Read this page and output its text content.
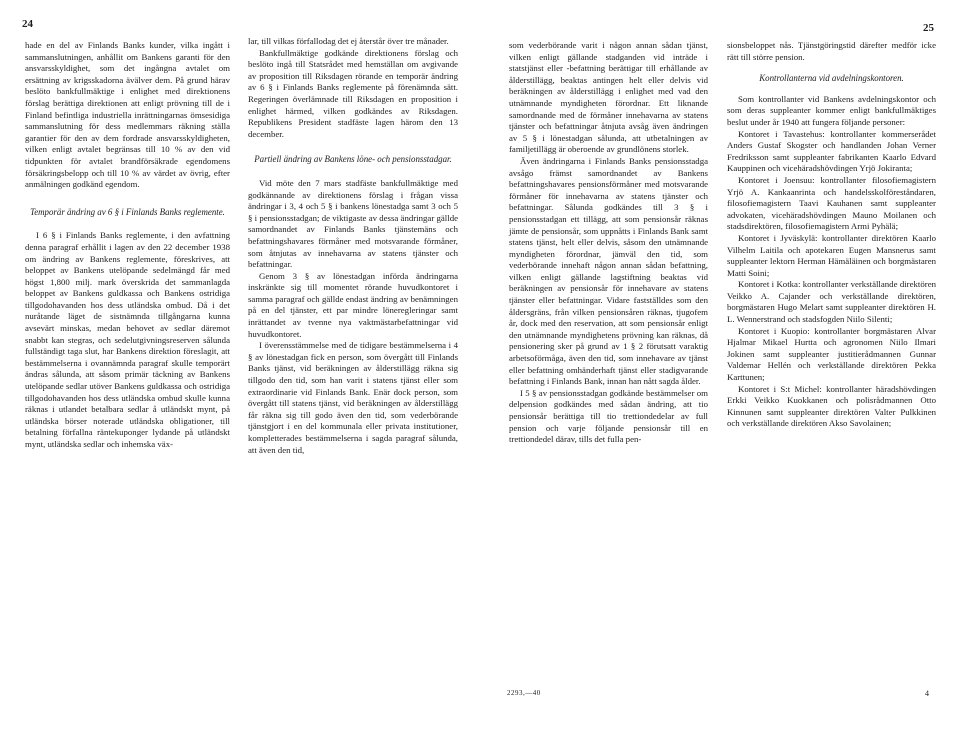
24	25

hade en del av Finlands Banks kunder, vilka ingått i sammanslutningen, anhållit om Bankens garanti för den ansvarsskyldighet, som det ingångna avtalet om ersättning av krigsskadorna ävälver dem. På grund härav beslöto bankfullmäktige i enlighet med direktionens förslag berättiga direktionen att enligt prövning till de i Finland befintliga industriella inrättningarnas ömsesidiga sammanslutning för dess medlemmars räkning ställa garantier för den av dem fordrade ansvarsskyldigheten, vilken enligt avtalet begränsas till 10 % av den vid tidpunkten för avtalet brandförsäkrade egendomens försäkringsbelopp och till 10 % av värdet av övrig, efter anmälningen godkänd egendom.

Temporär ändring av 6 § i Finlands Banks reglemente.

I 6 § i Finlands Banks reglemente, i den avfattning denna paragraf erhållit i lagen av den 22 december 1938 om ändring av Bankens reglemente, föreskrives, att beloppet av Bankens utelöpande sedelmängd får med högst 1,800 milj. mark överskrida det sammanlagda beloppet av Bankens guldkassa och Bankens ostridiga tillgodohavanden hos dess utländska ombud. Då i det nuråtande läget de sistnämnda tillgångarna kunna avsevärt minskas, medan behovet av sedlar däremot snabbt kan stegras, och sedelutgivningsreserven sålunda fullständigt taga slut, har Bankens direktion föreslagit, att bestämmelserna i ovannämnda paragraf skulle temporärt ändras sålunda, att såsom primär täckning av Bankens utelöpande sedlar utöver Bankens guldkassa och ostridiga tillgodohavanden hos dess utländska ombud skulle kunna räknas i utlandet betalbara sedlar å utländskt mynt, på utländska börser noterade utländska obligationer, till betalning förfallna räntekuponger lydande på utländskt mynt, utländska sedlar och inhemska väx-

lar, till vilkas förfallodag det ej återstår över tre månader.

Bankfullmäktige godkände direktionens förslag och beslöto ingå till Statsrådet med hemställan om avgivande av proposition till Riksdagen rörande en temporär ändring av 6 § i Finlands Banks reglemente på förenämnda sätt. Regeringen överlämnade till Riksdagen en proposition i enlighet härmed, vilken godkändes av Riksdagen. Republikens President stadfäste lagen härom den 13 december.

Partiell ändring av Bankens löne- och pensionsstadgar.

Vid möte den 7 mars stadfäste bankfullmäktige med godkännande av direktionens förslag i frågan vissa ändringar i 3, 4 och 5 § i bankens lönestadga samt 3 och 5 § i pensionsstadgan; de viktigaste av dessa ändringar gällde samordnandet av Finlands Banks tjänstemäns och befattningshavares förmåner med motsvarande förmåner, som åtnjutas av innehavarna av statens tjänster och befattningar.

Genom 3 § av lönestadgan införda ändringarna inskränkte sig till momentet rörande huvudkontoret i samma paragraf och gällde endast ändring av benämningen på en del tjänster, ett par mindre löneregleringar samt inrättandet av tvenne nya vaktmästarbefattningar vid huvudkontoret.

I överensstämmelse med de tidigare bestämmelserna i 4 § av lönestadgan fick en person, som övergått till Finlands Banks tjänst, vid beräkningen av ålderstillägg räkna sig tillgodo den tid, som han varit i statens tjänst eller som extraordinarie vid Finlands Bank. Enär dock person, som övergått till statens tjänst, vid beräkningen av ålderstillägg får räkna sig till godo även den tid, som vederbörande tjänstgjort i en del kommunala eller privata institutioner, kompletterades bestämmelserna i sagda paragraf sålunda, att även den tid,

som vederbörande varit i någon annan sådan tjänst, vilken enligt gällande stadganden vid inträde i statstjänst eller -befattning berättigar till erhållande av ålderstillägg, beaktas antingen helt eller delvis vid beräkningen av ålderstillägg i enlighet med vad den utnämnande myndigheten förordnar. Ett liknande samordnande med de förmåner innehavarna av statens tjänster och befattningar åtnjuta avsåg även ändringen av 5 § i lönestadgan sålunda, att utbetalningen av familjetillägg är oberoende av grundlönens storlek.

Även ändringarna i Finlands Banks pensionsstadga avsågo främst samordnandet av Bankens befattningshavares pensionsförmåner med motsvarande förmåner för innehavarna av statens tjänster och befattningar. Sålunda godkändes till 3 § i pensionsstadgan ett tillägg, att som pensionsår räknas jämte de pensionsår, som uppnåtts i Finlands Bank samt statens tjänst, helt eller delvis, såsom den utnämnande myndigheten förordnar, jämväl den tid, som vederbörande innehaft någon annan sådan befattning, vilken enligt gällande lagstiftning beaktas vid beräkningen av pensionsår för innehavare av statens tjänster eller befattningar. Vidare fastställdes som den åldersgräns, från vilken pensionsåren räknas, tjugofem år, dock med den reservation, att som pensionsår enligt den utnämnande myndighetens prövning kan räknas, då pensionering sker på grund av 1 § 2 förutsatt varaktig arbetsoförmåga, även den tid, som innehavare av tjänst eller befattning omhänderhaft tjänst eller stadigvarande befattning i Finlands Bank, innan han nått sagda ålder.

I 5 § av pensionsstadgan godkände bestämmelser om delpension godkändes med sådan ändring, att tio pensionsår berättiga till tio trettiondedelar av full pension och varje följande pensionsår till en trettiondedel därav, tills det fulla pen-

sionsbeloppet nås. Tjänstgöringstid därefter medför icke rätt till större pension.

Kontrollanterna vid avdelningskontoren.

Som kontrollanter vid Bankens avdelningskontor och som deras suppleanter kommer enligt bankfullmäktiges beslut under år 1940 att fungera följande personer:

Kontoret i Tavastehus: kontrollanter kommerserådet Anders Gustaf Skogster och handlanden Johan Verner Fredriksson samt suppleanter fabrikanten Kaarlo Edvard Kauppinen och vicehäradshövdingen Yrjö Jokiranta;

Kontoret i Joensuu: kontrollanter filosofiemagistern Yrjö A. Kankaanrinta och handelsskolföreståndaren, filosofiemagistern Taavi Kauhanen samt suppleanter advokaten, vicehäradshövdingen Mauno Moilanen och stadsdirektören, filosofiemagistern Armi Pyhälä;

Kontoret i Jyväskylä: kontrollanter direktören Kaarlo Vilhelm Laitila och apotekaren Eugen Mansnerus samt suppleanter lektorn Herman Hämäläinen och borgmästaren Matti Soini;

Kontoret i Kotka: kontrollanter verkställande direktören Veikko A. Cajander och verkställande direktören, borgmästaren Hugo Melart samt suppleanter direktören H. L. Wennerstrand och stadsfogden Niilo Silenti;

Kontoret i Kuopio: kontrollanter borgmästaren Alvar Hjalmar Mikael Hurtta och agronomen Niilo Ilmari Jokinen samt suppleanter justitierådmannen Gunnar Valdemar Hellén och verkställande direktören Pekka Karttunen;

Kontoret i S:t Michel: kontrollanter häradshövdingen Erkki Veikko Kuokkanen och polisrådmannen Otto Kinnunen samt suppleanter direktören Valter Pulkkinen och verkställande direktören Akso Savolainen;

2293,—40	4
